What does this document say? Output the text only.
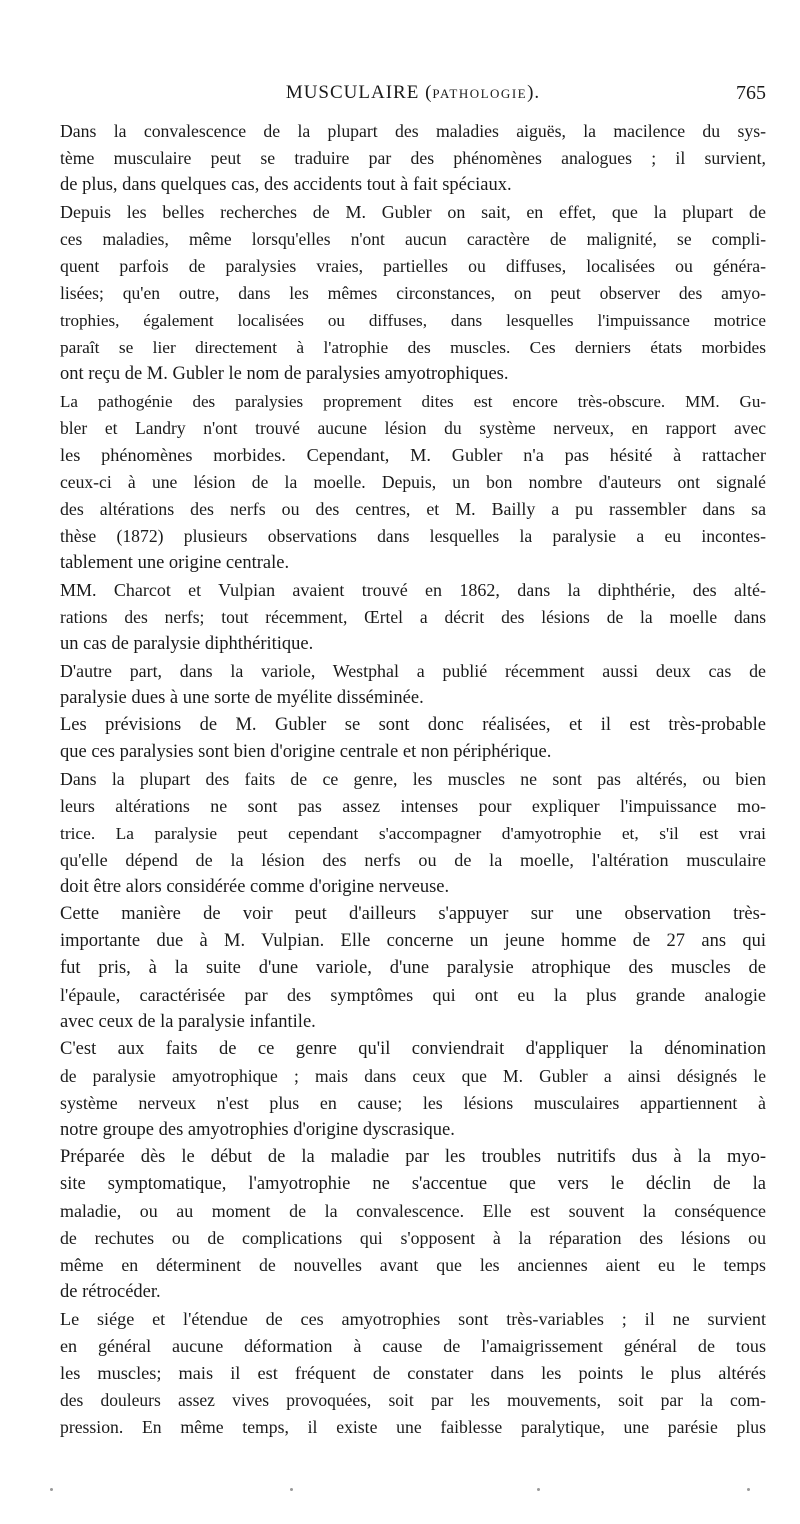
MUSCULAIRE (PATHOLOGIE).	765
Dans la convalescence de la plupart des maladies aiguës, la macilence du sys-
tème musculaire peut se traduire par des phénomènes analogues ; il survient,
de plus, dans quelques cas, des accidents tout à fait spéciaux.
Depuis les belles recherches de M. Gubler on sait, en effet, que la plupart de
ces maladies, même lorsqu'elles n'ont aucun caractère de malignité, se compli-
quent parfois de paralysies vraies, partielles ou diffuses, localisées ou généra-
lisées; qu'en outre, dans les mêmes circonstances, on peut observer des amyo-
trophies, également localisées ou diffuses, dans lesquelles l'impuissance motrice
paraît se lier directement à l'atrophie des muscles. Ces derniers états morbides
ont reçu de M. Gubler le nom de paralysies amyotrophiques.
La pathogénie des paralysies proprement dites est encore très-obscure. MM. Gu-
bler et Landry n'ont trouvé aucune lésion du système nerveux, en rapport avec
les phénomènes morbides. Cependant, M. Gubler n'a pas hésité à rattacher
ceux-ci à une lésion de la moelle. Depuis, un bon nombre d'auteurs ont signalé
des altérations des nerfs ou des centres, et M. Bailly a pu rassembler dans sa
thèse (1872) plusieurs observations dans lesquelles la paralysie a eu incontes-
tablement une origine centrale.
MM. Charcot et Vulpian avaient trouvé en 1862, dans la diphthérie, des alté-
rations des nerfs; tout récemment, Œrtel a décrit des lésions de la moelle dans
un cas de paralysie diphthéritique.
D'autre part, dans la variole, Westphal a publié récemment aussi deux cas de
paralysie dues à une sorte de myélite disséminée.
Les prévisions de M. Gubler se sont donc réalisées, et il est très-probable
que ces paralysies sont bien d'origine centrale et non périphérique.
Dans la plupart des faits de ce genre, les muscles ne sont pas altérés, ou bien
leurs altérations ne sont pas assez intenses pour expliquer l'impuissance mo-
trice. La paralysie peut cependant s'accompagner d'amyotrophie et, s'il est vrai
qu'elle dépend de la lésion des nerfs ou de la moelle, l'altération musculaire
doit être alors considérée comme d'origine nerveuse.
Cette manière de voir peut d'ailleurs s'appuyer sur une observation très-
importante due à M. Vulpian. Elle concerne un jeune homme de 27 ans qui
fut pris, à la suite d'une variole, d'une paralysie atrophique des muscles de
l'épaule, caractérisée par des symptômes qui ont eu la plus grande analogie
avec ceux de la paralysie infantile.
C'est aux faits de ce genre qu'il conviendrait d'appliquer la dénomination
de paralysie amyotrophique ; mais dans ceux que M. Gubler a ainsi désignés le
système nerveux n'est plus en cause; les lésions musculaires appartiennent à
notre groupe des amyotrophies d'origine dyscrasique.
Préparée dès le début de la maladie par les troubles nutritifs dus à la myo-
site symptomatique, l'amyotrophie ne s'accentue que vers le déclin de la
maladie, ou au moment de la convalescence. Elle est souvent la conséquence
de rechutes ou de complications qui s'opposent à la réparation des lésions ou
même en déterminent de nouvelles avant que les anciennes aient eu le temps
de rétrocéder.
Le siége et l'étendue de ces amyotrophies sont très-variables ; il ne survient
en général aucune déformation à cause de l'amaigrissement général de tous
les muscles; mais il est fréquent de constater dans les points le plus altérés
des douleurs assez vives provoquées, soit par les mouvements, soit par la com-
pression. En même temps, il existe une faiblesse paralytique, une parésie plus
